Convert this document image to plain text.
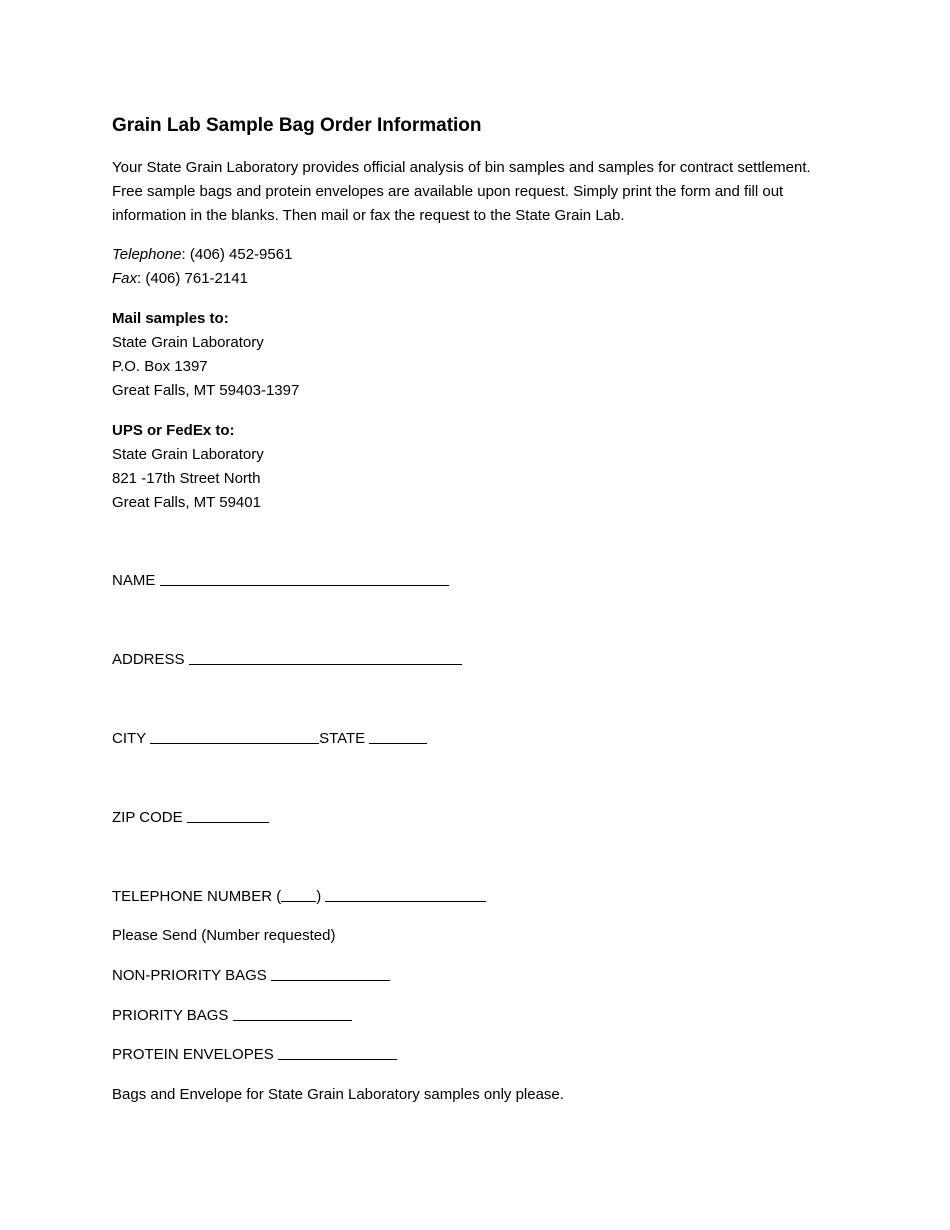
Grain Lab Sample Bag Order Information
Your State Grain Laboratory provides official analysis of bin samples and samples for contract settlement. Free sample bags and protein envelopes are available upon request. Simply print the form and fill out information in the blanks. Then mail or fax the request to the State Grain Lab.
Telephone: (406) 452-9561
Fax: (406) 761-2141
Mail samples to:
State Grain Laboratory
P.O. Box 1397
Great Falls, MT 59403-1397
UPS or FedEx to:
State Grain Laboratory
821 -17th Street North
Great Falls, MT 59401
NAME
ADDRESS
CITY	STATE
ZIP CODE
TELEPHONE NUMBER ( )
Please Send (Number requested)
NON-PRIORITY BAGS
PRIORITY BAGS
PROTEIN ENVELOPES
Bags and Envelope for State Grain Laboratory samples only please.
